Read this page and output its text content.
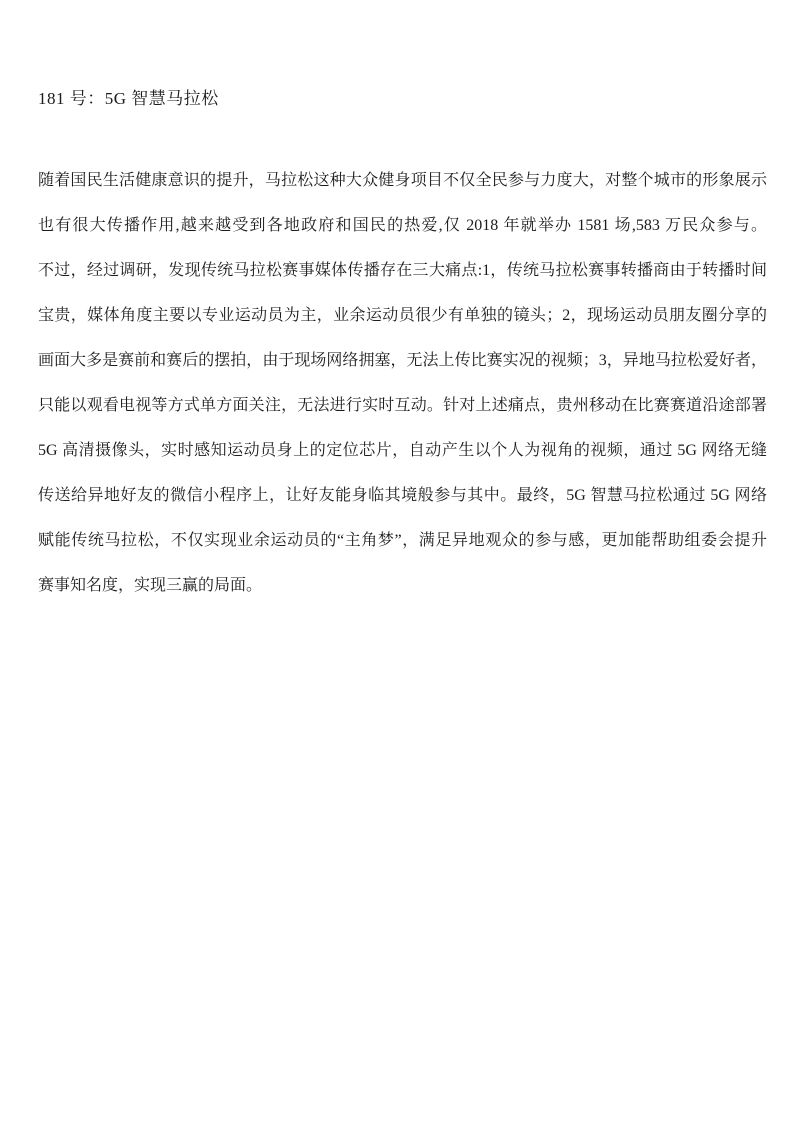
181 号：5G 智慧马拉松
随着国民生活健康意识的提升，马拉松这种大众健身项目不仅全民参与力度大，对整个城市的形象展示
也有很大传播作用,越来越受到各地政府和国民的热爱,仅 2018 年就举办 1581 场,583 万民众参与。
不过，经过调研，发现传统马拉松赛事媒体传播存在三大痛点:1，传统马拉松赛事转播商由于转播时间
宝贵，媒体角度主要以专业运动员为主，业余运动员很少有单独的镜头；2，现场运动员朋友圈分享的
画面大多是赛前和赛后的摆拍，由于现场网络拥塞，无法上传比赛实况的视频；3，异地马拉松爱好者，
只能以观看电视等方式单方面关注，无法进行实时互动。针对上述痛点，贵州移动在比赛赛道沿途部署
5G 高清摄像头，实时感知运动员身上的定位芯片，自动产生以个人为视角的视频，通过 5G 网络无缝
传送给异地好友的微信小程序上，让好友能身临其境般参与其中。最终，5G 智慧马拉松通过 5G 网络
赋能传统马拉松，不仅实现业余运动员的“主角梦”，满足异地观众的参与感，更加能帮助组委会提升
赛事知名度，实现三赢的局面。
